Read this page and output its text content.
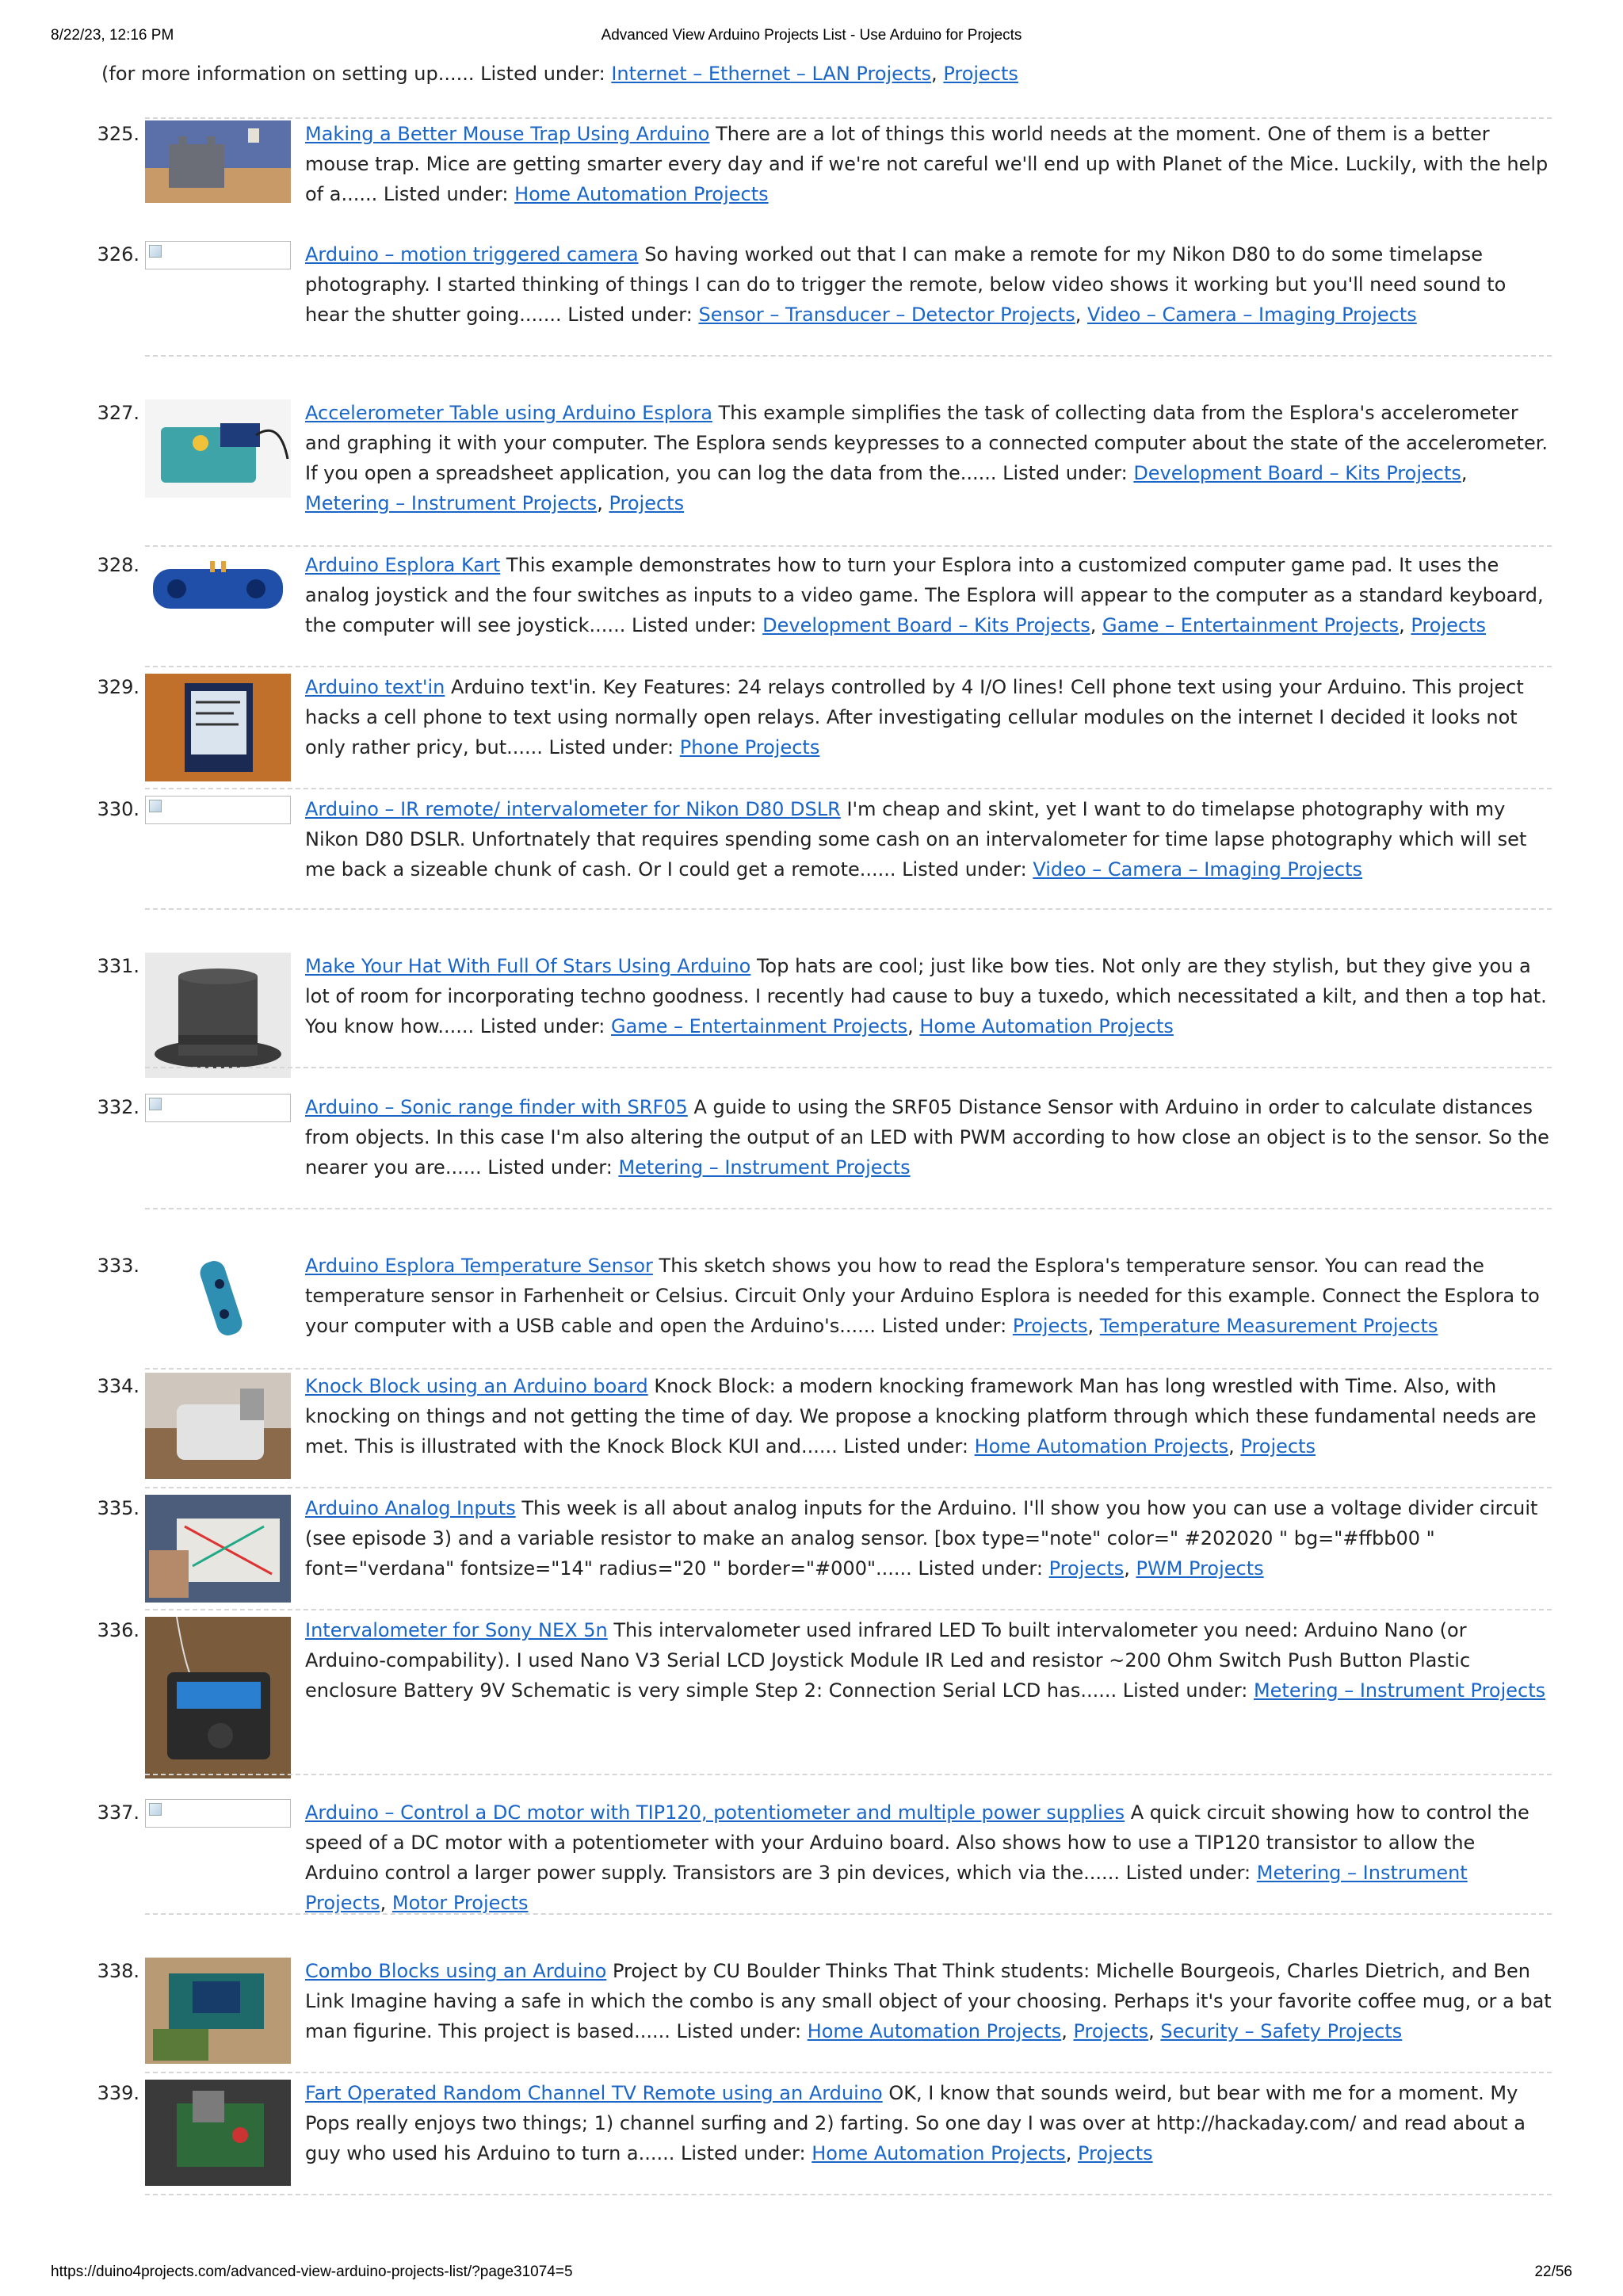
8/22/23, 12:16 PM	Advanced View Arduino Projects List - Use Arduino for Projects
(for more information on setting up...... Listed under: Internet – Ethernet – LAN Projects, Projects
325.	Making a Better Mouse Trap Using Arduino There are a lot of things this world needs at the moment. One of them is a better mouse trap. Mice are getting smarter every day and if we're not careful we'll end up with Planet of the Mice. Luckily, with the help of a...... Listed under: Home Automation Projects
326.	Arduino – motion triggered camera So having worked out that I can make a remote for my Nikon D80 to do some timelapse photography. I started thinking of things I can do to trigger the remote, below video shows it working but you'll need sound to hear the shutter going....... Listed under: Sensor – Transducer – Detector Projects, Video – Camera – Imaging Projects
327.	Accelerometer Table using Arduino Esplora This example simplifies the task of collecting data from the Esplora's accelerometer and graphing it with your computer. The Esplora sends keypresses to a connected computer about the state of the accelerometer. If you open a spreadsheet application, you can log the data from the...... Listed under: Development Board – Kits Projects, Metering – Instrument Projects, Projects
328.	Arduino Esplora Kart This example demonstrates how to turn your Esplora into a customized computer game pad. It uses the analog joystick and the four switches as inputs to a video game. The Esplora will appear to the computer as a standard keyboard, the computer will see joystick...... Listed under: Development Board – Kits Projects, Game – Entertainment Projects, Projects
329.	Arduino text'in Arduino text'in. Key Features: 24 relays controlled by 4 I/O lines! Cell phone text using your Arduino. This project hacks a cell phone to text using normally open relays. After investigating cellular modules on the internet I decided it looks not only rather pricy, but...... Listed under: Phone Projects
330.	Arduino – IR remote/ intervalometer for Nikon D80 DSLR I'm cheap and skint, yet I want to do timelapse photography with my Nikon D80 DSLR. Unfortnately that requires spending some cash on an intervalometer for time lapse photography which will set me back a sizeable chunk of cash. Or I could get a remote...... Listed under: Video – Camera – Imaging Projects
331.	Make Your Hat With Full Of Stars Using Arduino Top hats are cool; just like bow ties. Not only are they stylish, but they give you a lot of room for incorporating techno goodness. I recently had cause to buy a tuxedo, which necessitated a kilt, and then a top hat. You know how...... Listed under: Game – Entertainment Projects, Home Automation Projects
332.	Arduino – Sonic range finder with SRF05 A guide to using the SRF05 Distance Sensor with Arduino in order to calculate distances from objects. In this case I'm also altering the output of an LED with PWM according to how close an object is to the sensor. So the nearer you are...... Listed under: Metering – Instrument Projects
333.	Arduino Esplora Temperature Sensor This sketch shows you how to read the Esplora's temperature sensor. You can read the temperature sensor in Farhenheit or Celsius. Circuit Only your Arduino Esplora is needed for this example. Connect the Esplora to your computer with a USB cable and open the Arduino's...... Listed under: Projects, Temperature Measurement Projects
334.	Knock Block using an Arduino board Knock Block: a modern knocking framework Man has long wrestled with Time. Also, with knocking on things and not getting the time of day. We propose a knocking platform through which these fundamental needs are met. This is illustrated with the Knock Block KUI and...... Listed under: Home Automation Projects, Projects
335.	Arduino Analog Inputs This week is all about analog inputs for the Arduino. I'll show you how you can use a voltage divider circuit (see episode 3) and a variable resistor to make an analog sensor. [box type="note" color=" #202020 " bg="#ffbb00 " font="verdana" fontsize="14" radius="20 " border="#000"...... Listed under: Projects, PWM Projects
336.	Intervalometer for Sony NEX 5n This intervalometer used infrared LED To built intervalometer you need: Arduino Nano (or Arduino-compability). I used Nano V3 Serial LCD Joystick Module IR Led and resistor ~200 Ohm Switch Push Button Plastic enclosure Battery 9V Schematic is very simple Step 2: Connection Serial LCD has...... Listed under: Metering – Instrument Projects
337.	Arduino – Control a DC motor with TIP120, potentiometer and multiple power supplies A quick circuit showing how to control the speed of a DC motor with a potentiometer with your Arduino board. Also shows how to use a TIP120 transistor to allow the Arduino control a larger power supply. Transistors are 3 pin devices, which via the...... Listed under: Metering – Instrument Projects, Motor Projects
338.	Combo Blocks using an Arduino Project by CU Boulder Thinks That Think students: Michelle Bourgeois, Charles Dietrich, and Ben Link Imagine having a safe in which the combo is any small object of your choosing. Perhaps it's your favorite coffee mug, or a bat man figurine. This project is based...... Listed under: Home Automation Projects, Projects, Security – Safety Projects
339.	Fart Operated Random Channel TV Remote using an Arduino OK, I know that sounds weird, but bear with me for a moment. My Pops really enjoys two things; 1) channel surfing and 2) farting. So one day I was over at http://hackaday.com/ and read about a guy who used his Arduino to turn a...... Listed under: Home Automation Projects, Projects
https://duino4projects.com/advanced-view-arduino-projects-list/?page31074=5	22/56
